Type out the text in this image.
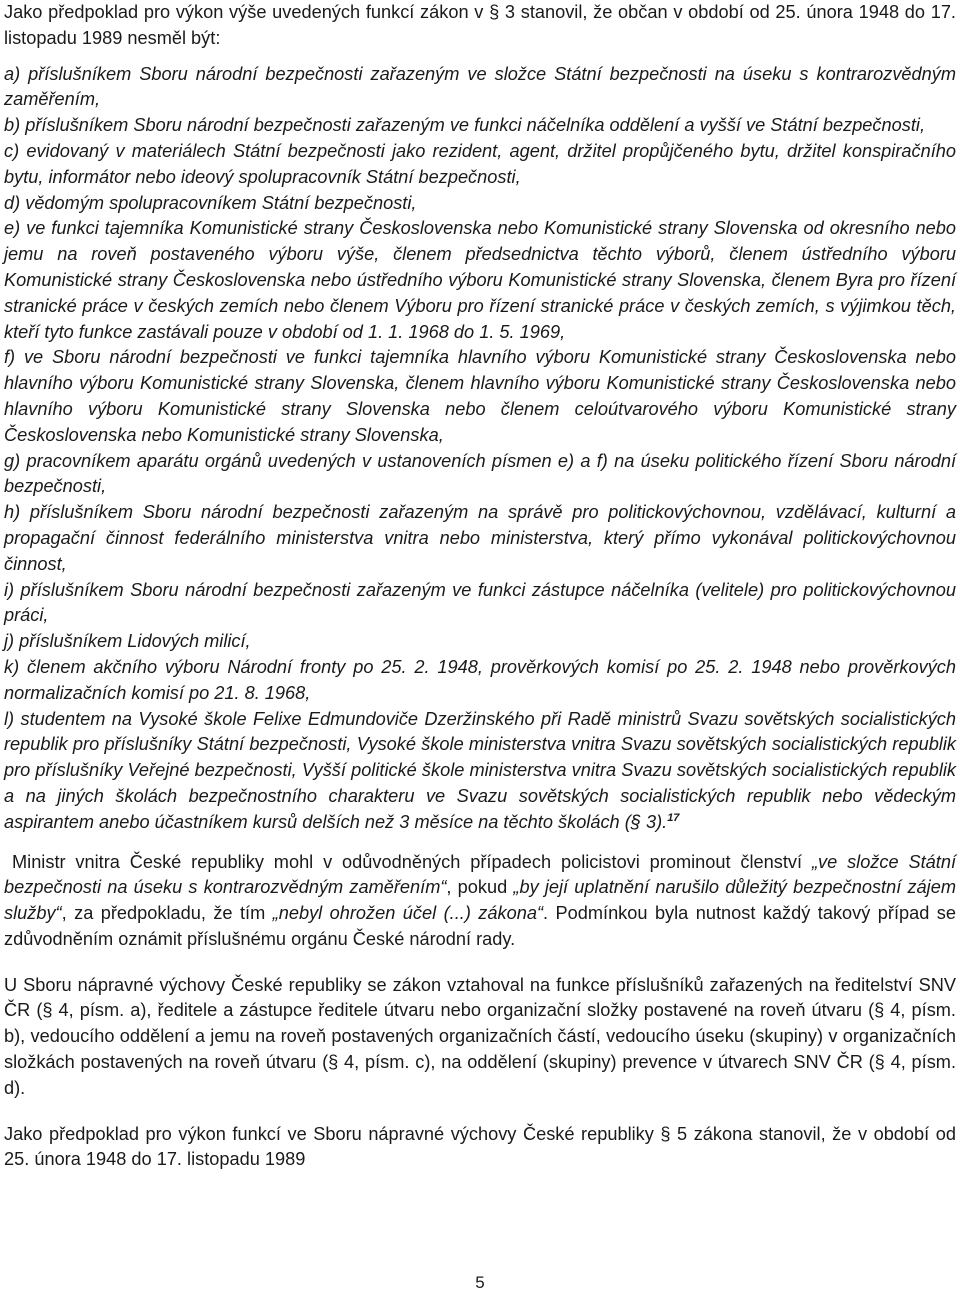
Jako předpoklad pro výkon výše uvedených funkcí zákon v § 3 stanovil, že občan v období od 25. února 1948 do 17. listopadu 1989 nesměl být:

a) příslušníkem Sboru národní bezpečnosti zařazeným ve složce Státní bezpečnosti na úseku s kontrarozvědným zaměřením,

b) příslušníkem Sboru národní bezpečnosti zařazeným ve funkci náčelníka oddělení a vyšší ve Státní bezpečnosti,

c) evidovaný v materiálech Státní bezpečnosti jako rezident, agent, držitel propůjčeného bytu, držitel konspiračního bytu, informátor nebo ideový spolupracovník Státní bezpečnosti,

d) vědomým spolupracovníkem Státní bezpečnosti,

e) ve funkci tajemníka Komunistické strany Československa nebo Komunistické strany Slovenska od okresního nebo jemu na roveň postaveného výboru výše, členem předsednictva těchto výborů, členem ústředního výboru Komunistické strany Československa nebo ústředního výboru Komunistické strany Slovenska, členem Byra pro řízení stranické práce v českých zemích nebo členem Výboru pro řízení stranické práce v českých zemích, s výjimkou těch, kteří tyto funkce zastávali pouze v období od 1. 1. 1968 do 1. 5. 1969,

f) ve Sboru národní bezpečnosti ve funkci tajemníka hlavního výboru Komunistické strany Československa nebo hlavního výboru Komunistické strany Slovenska, členem hlavního výboru Komunistické strany Československa nebo hlavního výboru Komunistické strany Slovenska nebo členem celoútvarového výboru Komunistické strany Československa nebo Komunistické strany Slovenska,

g) pracovníkem aparátu orgánů uvedených v ustanoveních písmen e) a f) na úseku politického řízení Sboru národní bezpečnosti,

h) příslušníkem Sboru národní bezpečnosti zařazeným na správě pro politickovýchovnou, vzdělávací, kulturní a propagační činnost federálního ministerstva vnitra nebo ministerstva, který přímo vykonával politickovýchovnou činnost,

i) příslušníkem Sboru národní bezpečnosti zařazeným ve funkci zástupce náčelníka (velitele) pro politickovýchovnou práci,

j) příslušníkem Lidových milicí,

k) členem akčního výboru Národní fronty po 25. 2. 1948, prověrkových komisí po 25. 2. 1948 nebo prověrkových normalizačních komisí po 21. 8. 1968,

l) studentem na Vysoké škole Felixe Edmundoviče Dzeržinského při Radě ministrů Svazu sovětských socialistických republik pro příslušníky Státní bezpečnosti, Vysoké škole ministerstva vnitra Svazu sovětských socialistických republik pro příslušníky Veřejné bezpečnosti, Vyšší politické škole ministerstva vnitra Svazu sovětských socialistických republik a na jiných školách bezpečnostního charakteru ve Svazu sovětských socialistických republik nebo vědeckým aspirantem anebo účastníkem kursů delších než 3 měsíce na těchto školách (§ 3).$^{17}$

Ministr vnitra České republiky mohl v odůvodněných případech policistovi prominout členství „ve složce Státní bezpečnosti na úseku s kontrarozvědným zaměřením“, pokud „by její uplatnění narušilo důležitý bezpečnostní zájem služby“, za předpokladu, že tím „nebyl ohrožen účel (...) zákona“. Podmínkou byla nutnost každý takový případ se zdůvodněním oznámit příslušnému orgánu České národní rady.

U Sboru nápravné výchovy České republiky se zákon vztahoval na funkce příslušníků zařazených na ředitelství SNV ČR (§ 4, písm. a), ředitele a zástupce ředitele útvaru nebo organizační složky postavené na roveň útvaru (§ 4, písm. b), vedoucího oddělení a jemu na roveň postavených organizačních částí, vedoucího úseku (skupiny) v organizačních složkách postavených na roveň útvaru (§ 4, písm. c), na oddělení (skupiny) prevence v útvarech SNV ČR (§ 4, písm. d).

Jako předpoklad pro výkon funkcí ve Sboru nápravné výchovy České republiky § 5 zákona stanovil, že v období od 25. února 1948 do 17. listopadu 1989

5
